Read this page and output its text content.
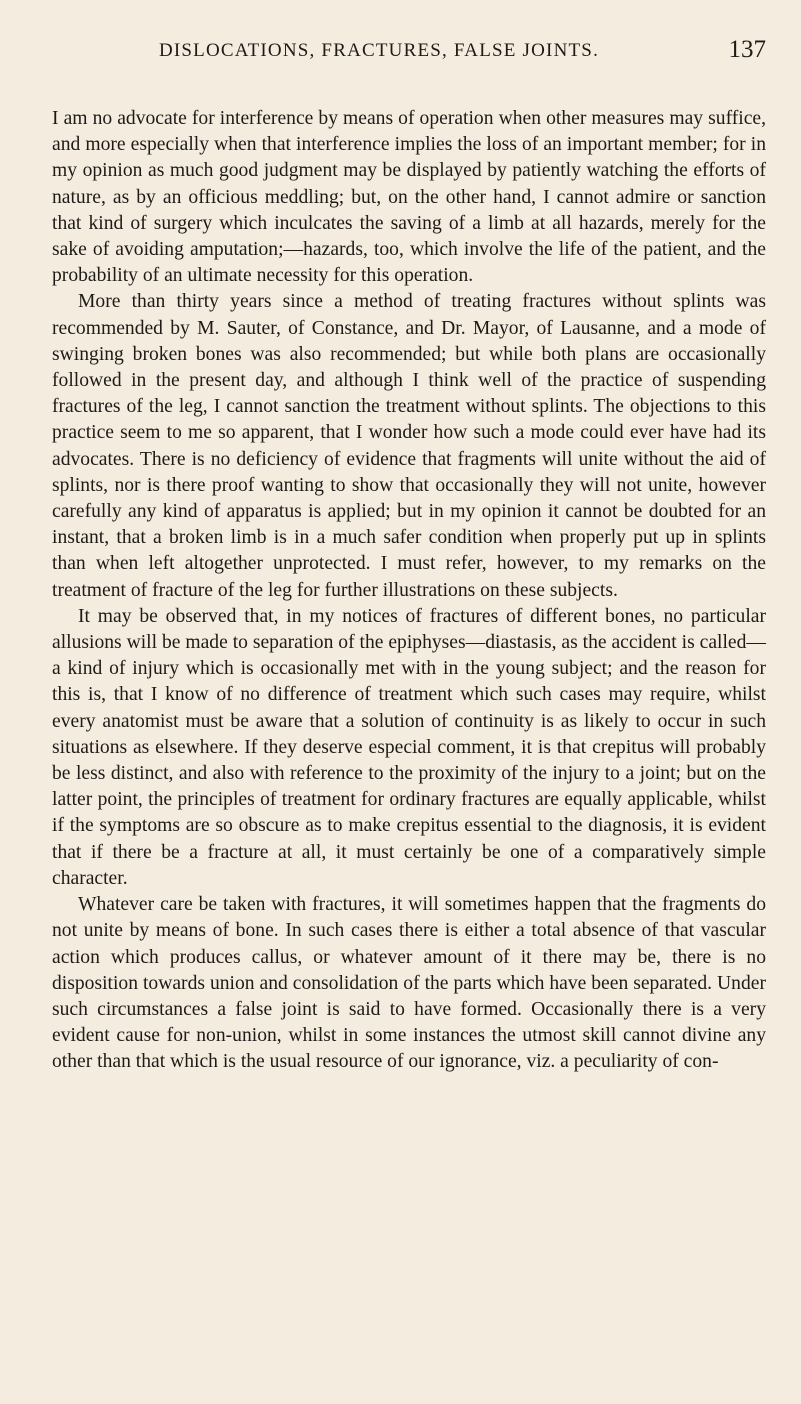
DISLOCATIONS, FRACTURES, FALSE JOINTS.	137

I am no advocate for interference by means of operation when other measures may suffice, and more especially when that interference implies the loss of an important member; for in my opinion as much good judgment may be displayed by patiently watching the efforts of nature, as by an officious meddling; but, on the other hand, I cannot admire or sanction that kind of surgery which inculcates the saving of a limb at all hazards, merely for the sake of avoiding amputation;—hazards, too, which involve the life of the patient, and the probability of an ultimate necessity for this operation.

More than thirty years since a method of treating fractures without splints was recommended by M. Sauter, of Constance, and Dr. Mayor, of Lausanne, and a mode of swinging broken bones was also recommended; but while both plans are occasionally followed in the present day, and although I think well of the practice of suspending fractures of the leg, I cannot sanction the treatment without splints. The objections to this practice seem to me so apparent, that I wonder how such a mode could ever have had its advocates. There is no deficiency of evidence that fragments will unite without the aid of splints, nor is there proof wanting to show that occasionally they will not unite, however carefully any kind of apparatus is applied; but in my opinion it cannot be doubted for an instant, that a broken limb is in a much safer condition when properly put up in splints than when left altogether unprotected. I must refer, however, to my remarks on the treatment of fracture of the leg for further illustrations on these subjects.

It may be observed that, in my notices of fractures of different bones, no particular allusions will be made to separation of the epiphyses—diastasis, as the accident is called—a kind of injury which is occasionally met with in the young subject; and the reason for this is, that I know of no difference of treatment which such cases may require, whilst every anatomist must be aware that a solution of continuity is as likely to occur in such situations as elsewhere. If they deserve especial comment, it is that crepitus will probably be less distinct, and also with reference to the proximity of the injury to a joint; but on the latter point, the principles of treatment for ordinary fractures are equally applicable, whilst if the symptoms are so obscure as to make crepitus essential to the diagnosis, it is evident that if there be a fracture at all, it must certainly be one of a comparatively simple character.

Whatever care be taken with fractures, it will sometimes happen that the fragments do not unite by means of bone. In such cases there is either a total absence of that vascular action which produces callus, or whatever amount of it there may be, there is no disposition towards union and consolidation of the parts which have been separated. Under such circumstances a false joint is said to have formed. Occasionally there is a very evident cause for non-union, whilst in some instances the utmost skill cannot divine any other than that which is the usual resource of our ignorance, viz. a peculiarity of con-
